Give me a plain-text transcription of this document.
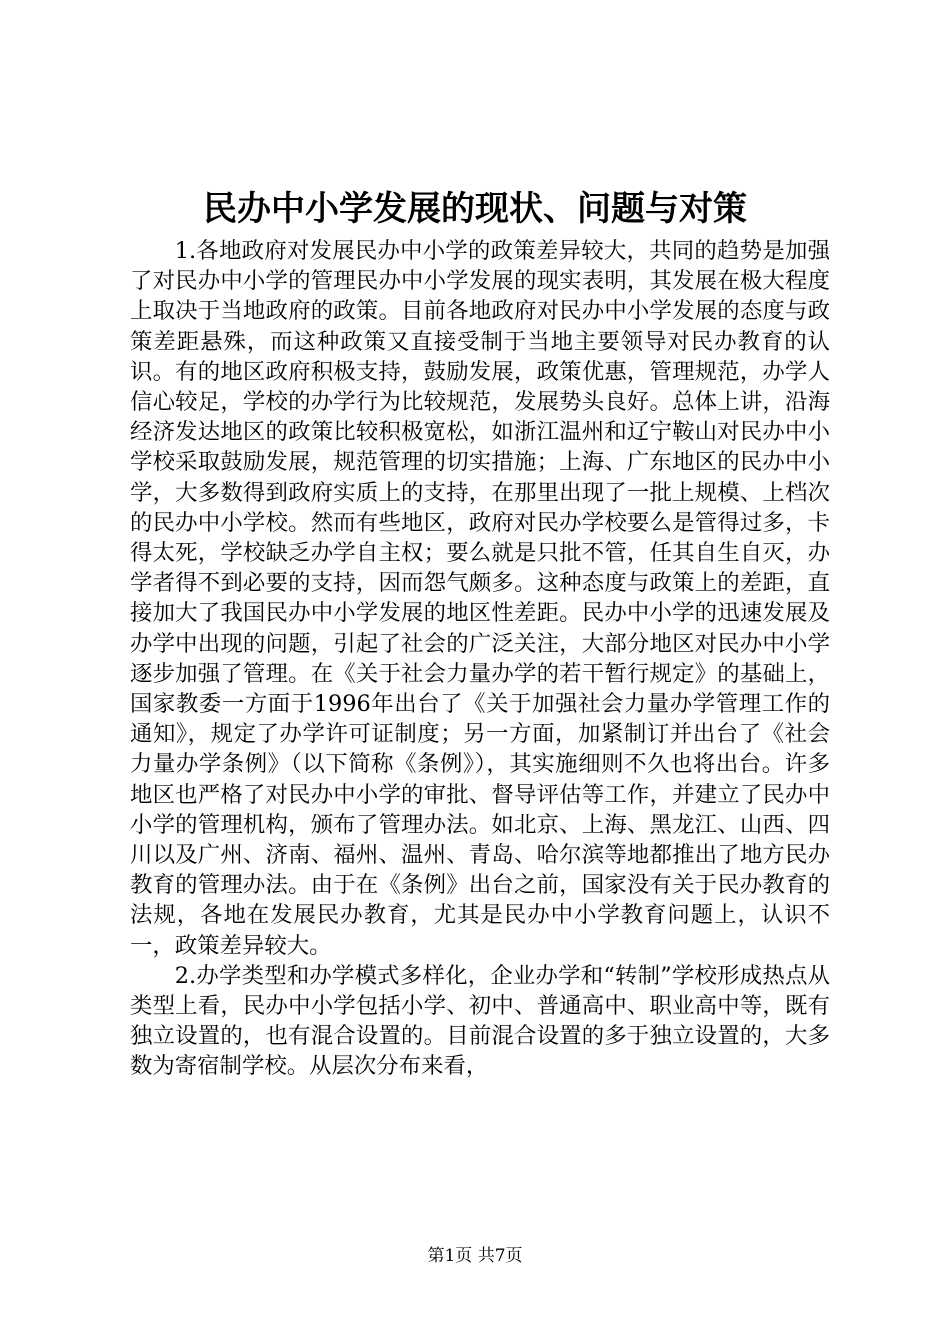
民办中小学发展的现状、问题与对策

1.各地政府对发展民办中小学的政策差异较大，共同的趋势是加强了对民办中小学的管理民办中小学发展的现实表明，其发展在极大程度上取决于当地政府的政策。目前各地政府对民办中小学发展的态度与政策差距悬殊，而这种政策又直接受制于当地主要领导对民办教育的认识。有的地区政府积极支持，鼓励发展，政策优惠，管理规范，办学人信心较足，学校的办学行为比较规范，发展势头良好。总体上讲，沿海经济发达地区的政策比较积极宽松，如浙江温州和辽宁鞍山对民办中小学校采取鼓励发展，规范管理的切实措施；上海、广东地区的民办中小学，大多数得到政府实质上的支持，在那里出现了一批上规模、上档次的民办中小学校。然而有些地区，政府对民办学校要么是管得过多，卡得太死，学校缺乏办学自主权；要么就是只批不管，任其自生自灭，办学者得不到必要的支持，因而怨气颇多。这种态度与政策上的差距，直接加大了我国民办中小学发展的地区性差距。民办中小学的迅速发展及办学中出现的问题，引起了社会的广泛关注，大部分地区对民办中小学逐步加强了管理。在《关于社会力量办学的若干暂行规定》的基础上，国家教委一方面于1996年出台了《关于加强社会力量办学管理工作的通知》，规定了办学许可证制度；另一方面，加紧制订并出台了《社会力量办学条例》（以下简称《条例》），其实施细则不久也将出台。许多地区也严格了对民办中小学的审批、督导评估等工作，并建立了民办中小学的管理机构，颁布了管理办法。如北京、上海、黑龙江、山西、四川以及广州、济南、福州、温州、青岛、哈尔滨等地都推出了地方民办教育的管理办法。由于在《条例》出台之前，国家没有关于民办教育的法规，各地在发展民办教育，尤其是民办中小学教育问题上，认识不一，政策差异较大。

2.办学类型和办学模式多样化，企业办学和“转制”学校形成热点从类型上看，民办中小学包括小学、初中、普通高中、职业高中等，既有独立设置的，也有混合设置的。目前混合设置的多于独立设置的，大多数为寄宿制学校。从层次分布来看，

第1页 共7页
